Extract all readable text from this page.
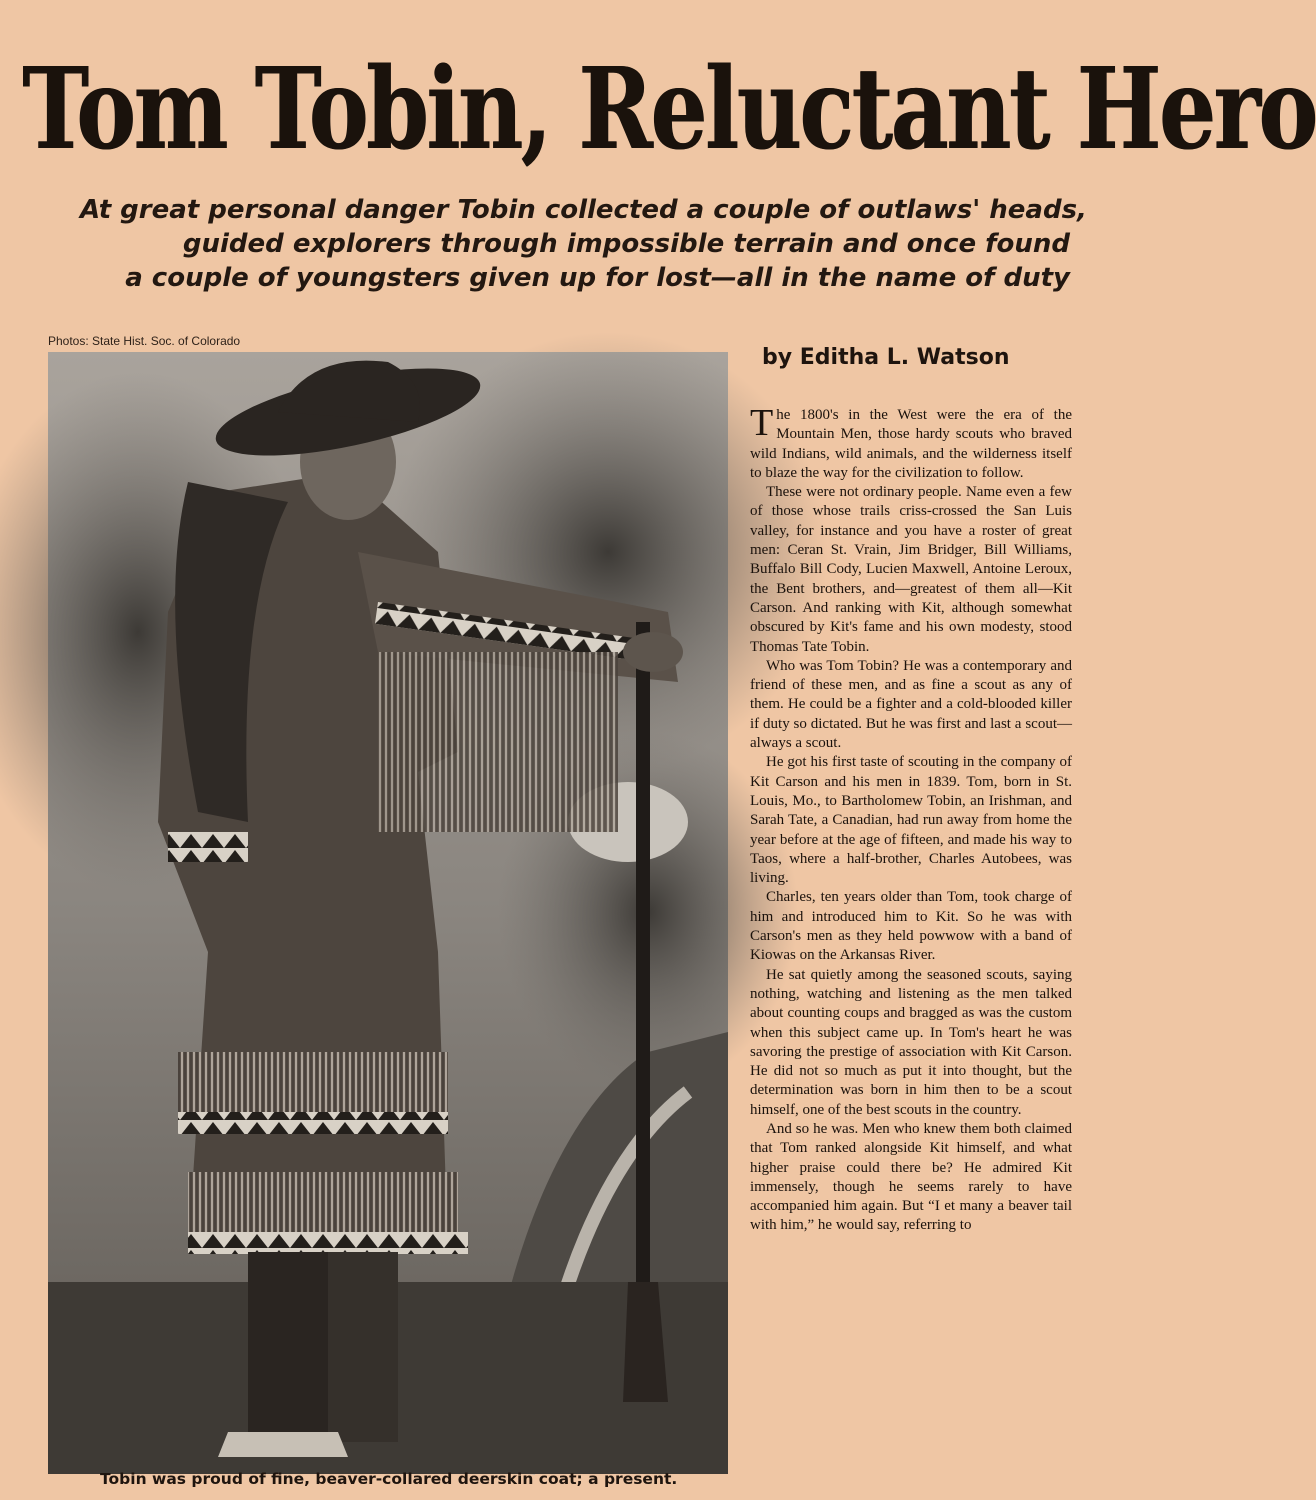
Tom Tobin, Reluctant Hero
At great personal danger Tobin collected a couple of outlaws' heads,
guided explorers through impossible terrain and once found
a couple of youngsters given up for lost—all in the name of duty
Photos: State Hist. Soc. of Colorado
by Editha L. Watson
Tobin was proud of fine, beaver-collared deerskin coat; a present.

The 1800's in the West were the era of the Mountain Men, those hardy scouts who braved wild Indians, wild animals, and the wilderness itself to blaze the way for the civilization to follow.

These were not ordinary people. Name even a few of those whose trails criss-crossed the San Luis valley, for instance and you have a roster of great men: Ceran St. Vrain, Jim Bridger, Bill Williams, Buffalo Bill Cody, Lucien Maxwell, Antoine Leroux, the Bent brothers, and—greatest of them all—Kit Carson. And ranking with Kit, although somewhat obscured by Kit's fame and his own modesty, stood Thomas Tate Tobin.

Who was Tom Tobin? He was a contemporary and friend of these men, and as fine a scout as any of them. He could be a fighter and a cold-blooded killer if duty so dictated. But he was first and last a scout—always a scout.

He got his first taste of scouting in the company of Kit Carson and his men in 1839. Tom, born in St. Louis, Mo., to Bartholomew Tobin, an Irishman, and Sarah Tate, a Canadian, had run away from home the year before at the age of fifteen, and made his way to Taos, where a half-brother, Charles Autobees, was living.

Charles, ten years older than Tom, took charge of him and introduced him to Kit. So he was with Carson's men as they held powwow with a band of Kiowas on the Arkansas River.

He sat quietly among the seasoned scouts, saying nothing, watching and listening as the men talked about counting coups and bragged as was the custom when this subject came up. In Tom's heart he was savoring the prestige of association with Kit Carson. He did not so much as put it into thought, but the determination was born in him then to be a scout himself, one of the best scouts in the country.

And so he was. Men who knew them both claimed that Tom ranked alongside Kit himself, and what higher praise could there be? He admired Kit immensely, though he seems rarely to have accompanied him again. But “I et many a beaver tail with him,” he would say, referring to
